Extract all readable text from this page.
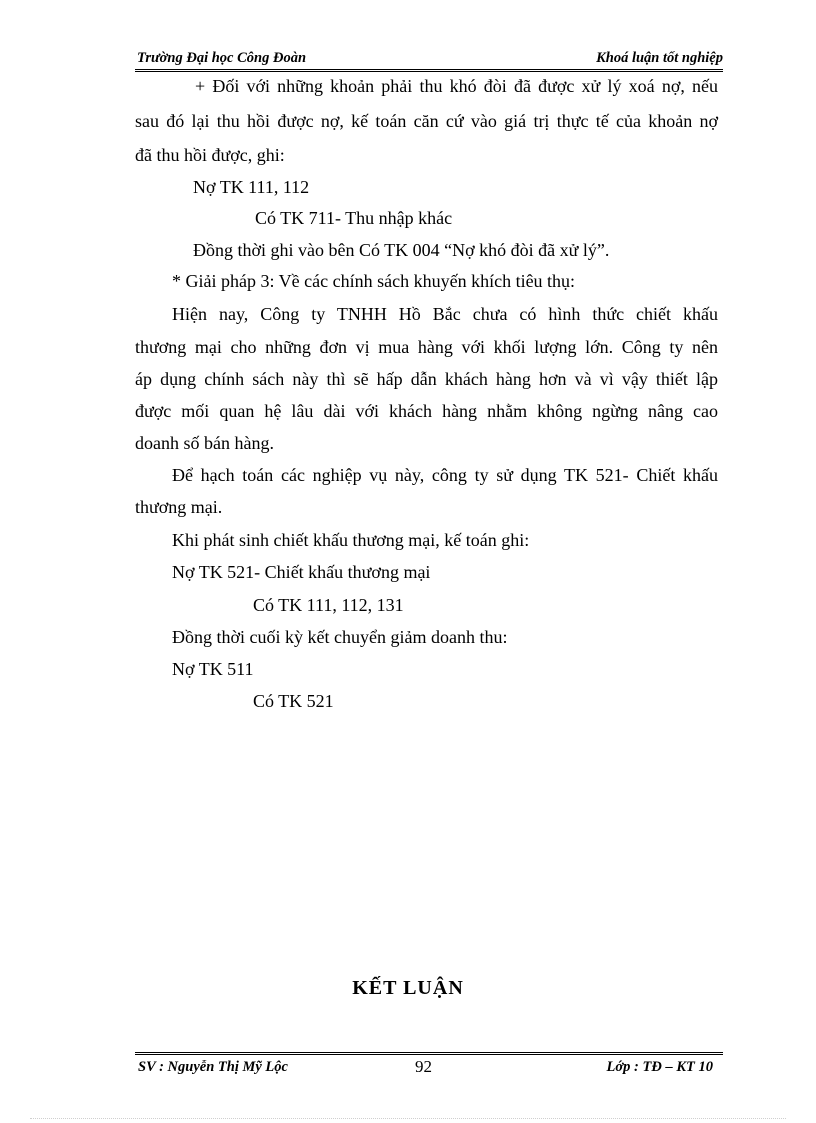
Trường Đại học Công Đoàn	Khoá luận tốt nghiệp
+ Đối với những khoản phải thu khó đòi đã được xử lý xoá nợ, nếu
sau đó lại thu hồi được nợ, kế toán căn cứ vào giá trị thực tế của khoản nợ
đã thu hồi được, ghi:
Nợ TK 111, 112
Có TK 711- Thu nhập khác
Đồng thời ghi vào bên Có TK 004 “Nợ khó đòi đã xử lý”.
* Giải pháp 3: Về các chính sách khuyến khích tiêu thụ:
Hiện nay, Công ty TNHH Hồ Bắc chưa có hình thức chiết khấu
thương mại cho những đơn vị mua hàng với khối lượng lớn. Công ty nên
áp dụng chính sách này thì sẽ hấp dẫn khách hàng hơn và vì vậy thiết lập
được mối quan hệ lâu dài với khách hàng nhằm không ngừng nâng cao
doanh số bán hàng.
Để hạch toán các nghiệp vụ này, công ty sử dụng TK 521- Chiết khấu
thương mại.
Khi phát sinh chiết khấu thương mại, kế toán ghi:
Nợ TK 521- Chiết khấu thương mại
Có TK 111, 112, 131
Đồng thời cuối kỳ kết chuyển giảm doanh thu:
Nợ TK 511
Có TK 521
KẾT LUẬN
SV : Nguyễn Thị Mỹ Lộc	92	Lớp : TĐ – KT 10
